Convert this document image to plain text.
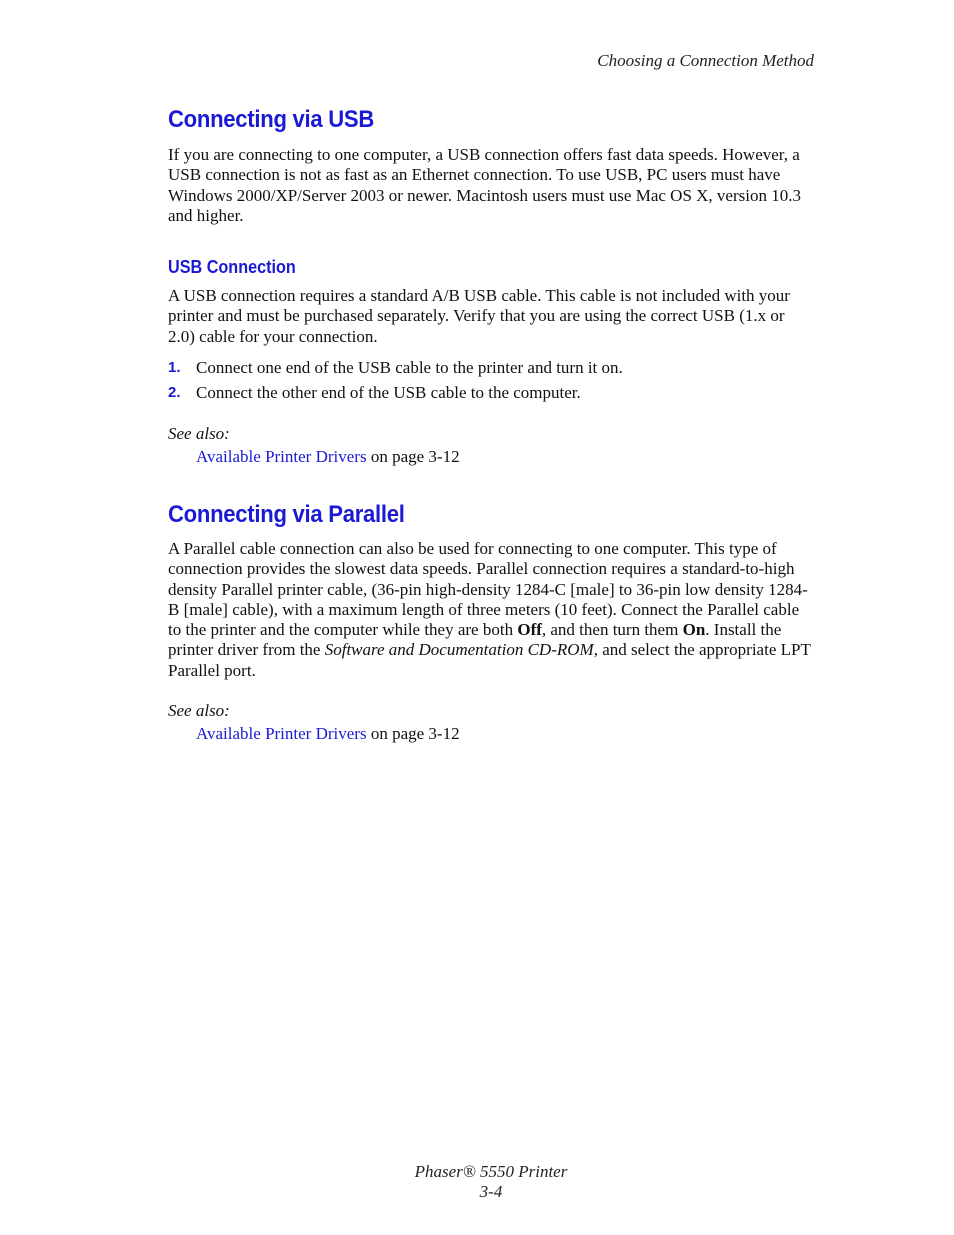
Choosing a Connection Method
Connecting via USB

If you are connecting to one computer, a USB connection offers fast data speeds. However, a USB connection is not as fast as an Ethernet connection. To use USB, PC users must have Windows 2000/XP/Server 2003 or newer. Macintosh users must use Mac OS X, version 10.3 and higher.

USB Connection

A USB connection requires a standard A/B USB cable. This cable is not included with your printer and must be purchased separately. Verify that you are using the correct USB (1.x or 2.0) cable for your connection.

1. Connect one end of the USB cable to the printer and turn it on.
2. Connect the other end of the USB cable to the computer.
See also:
Available Printer Drivers on page 3-12
Connecting via Parallel

A Parallel cable connection can also be used for connecting to one computer. This type of connection provides the slowest data speeds. Parallel connection requires a standard-to-high density Parallel printer cable, (36-pin high-density 1284-C [male] to 36-pin low density 1284-B [male] cable), with a maximum length of three meters (10 feet). Connect the Parallel cable to the printer and the computer while they are both Off, and then turn them On. Install the printer driver from the Software and Documentation CD-ROM, and select the appropriate LPT Parallel port.

See also:
Available Printer Drivers on page 3-12
Phaser® 5550 Printer
3-4
